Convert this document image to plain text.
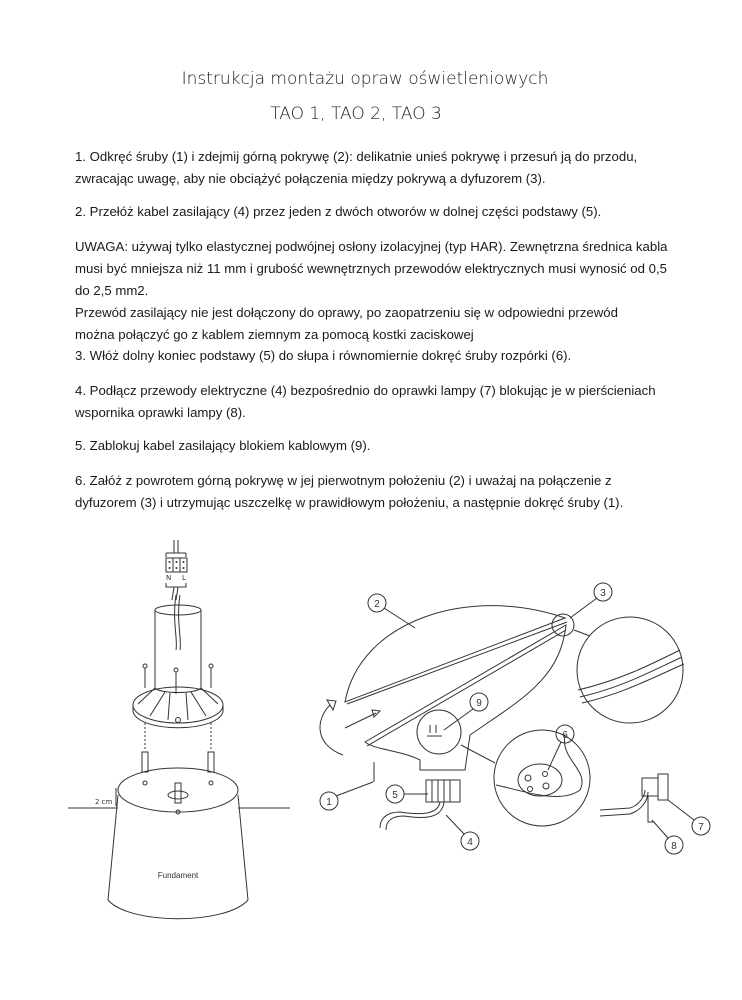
Instrukcja montażu opraw oświetleniowych
TAO 1, TAO 2, TAO 3
1. Odkręć śruby (1) i zdejmij górną pokrywę (2): delikatnie unieś pokrywę i przesuń ją do przodu,
zwracając uwagę, aby nie obciążyć połączenia między pokrywą a dyfuzorem (3).
2. Przełóż kabel zasilający (4) przez jeden z dwóch otworów w dolnej części podstawy (5).
UWAGA: używaj tylko elastycznej podwójnej osłony izolacyjnej (typ HAR). Zewnętrzna średnica kabla
musi być mniejsza niż 11 mm i grubość wewnętrznych przewodów elektrycznych musi wynosić od 0,5
do 2,5 mm2.
Przewód zasilający nie jest dołączony do oprawy, po zaopatrzeniu się w odpowiedni przewód
można połączyć go z kablem ziemnym za pomocą kostki zaciskowej
3. Włóż dolny koniec podstawy (5) do słupa i równomiernie dokręć śruby rozpórki (6).
4. Podłącz przewody elektryczne (4) bezpośrednio do oprawki lampy (7) blokując je w pierścieniach
wspornika oprawki lampy (8).
5. Zablokuj kabel zasilający blokiem kablowym (9).
6. Załóż z powrotem górną pokrywę w jej pierwotnym położeniu (2) i uważaj na połączenie z
dyfuzorem (3) i utrzymując uszczelkę w prawidłowym położeniu, a następnie dokręć śruby (1).
N L
2 cm
Fundament
1
2
3
4
5
6
7
8
9
